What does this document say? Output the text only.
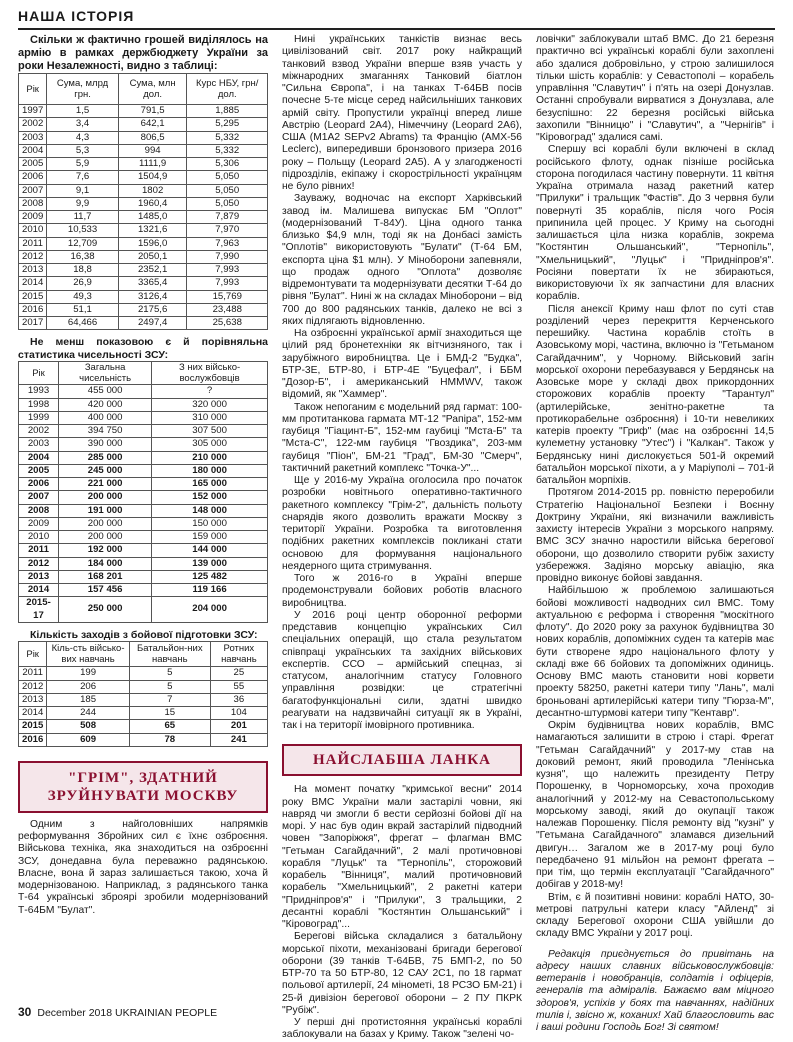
НАША ІСТОРІЯ

Скільки ж фактично грошей виділялось на армію в рамках держбюджету України за роки Незалежності, видно з таблиці:

Рік	Сума, млрд грн.	Сума, млн дол.	Курс НБУ, грн/дол.
1997	1,5	791,5	1,885
2002	3,4	642,1	5,295
2003	4,3	806,5	5,332
2004	5,3	994	5,332
2005	5,9	1111,9	5,306
2006	7,6	1504,9	5,050
2007	9,1	1802	5,050
2008	9,9	1960,4	5,050
2009	11,7	1485,0	7,879
2010	10,533	1321,6	7,970
2011	12,709	1596,0	7,963
2012	16,38	2050,1	7,990
2013	18,8	2352,1	7,993
2014	26,9	3365,4	7,993
2015	49,3	3126,4	15,769
2016	51,1	2175,6	23,488
2017	64,466	2497,4	25,638

Не менш показовою є й порівняльна статистика чисельності ЗСУ:

Рік	Загальна чисельність	З них військо-вослужбовців
1993	455 000	?
1998	420 000	320 000
1999	400 000	310 000
2002	394 750	307 500
2003	390 000	305 000
2004	285 000	210 000
2005	245 000	180 000
2006	221 000	165 000
2007	200 000	152 000
2008	191 000	148 000
2009	200 000	150 000
2010	200 000	159 000
2011	192 000	144 000
2012	184 000	139 000
2013	168 201	125 482
2014	157 456	119 166
2015-17	250 000	204 000

Кількість заходів з бойової підготовки ЗСУ:

Рік	Кіль-сть військо-вих навчань	Батальйон-них навчань	Ротних навчань
2011	199	5	25
2012	206	5	55
2013	185	7	36
2014	244	15	104
2015	508	65	201
2016	609	78	241
"ГРІМ", ЗДАТНИЙ ЗРУЙНУВАТИ МОСКВУ

Одним з найголовніших напрямків реформування Збройних сил є їхнє озброєння. Військова техніка, яка знаходиться на озброєнні ЗСУ, донедавна була переважно радянською. Власне, вона й зараз залишається такою, хоча й модернізованою. Наприклад, з радянського танка Т-64 українські зброярі зробили модернізований Т-64БМ "Булат".

Нині українських танкістів визнає весь цивілізований світ. 2017 року найкращий танковий взвод України вперше взяв участь у міжнародних змаганнях Танковий біатлон "Сильна Європа", і на танках Т-64БВ посів почесне 5-те місце серед найсильніших танкових армій світу. Пропустили українці вперед лише Австрію (Leopard 2A4), Німеччину (Leopard 2A6), США (M1A2 SEPv2 Abrams) та Францію (AMX-56 Leclerc), випередивши бронзового призера 2016 року – Польщу (Leopard 2A5). А у злагодженості підрозділів, екіпажу і скорострільності українцям не було рівних!

Зауважу, водночас на експорт Харківський завод ім. Малишева випускає БМ "Оплот" (модернізований Т-84У). Ціна одного танка близько $4,9 млн, тоді як на Донбасі замість "Оплотів" використовують "Булати" (Т-64 БМ, експорта ціна $1 млн). У Міноборони запевняли, що продаж одного "Оплота" дозволяє відремонтувати та модернізувати десятки Т-64 до рівня "Булат". Нині ж на складах Міноборони – від 700 до 800 радянських танків, далеко не всі з яких підлягають відновленню.

На озброєнні української армії знаходиться ще цілий ряд бронетехніки як вітчизняного, так і зарубіжного виробництва. Це і БМД-2 "Будка", БТР-3Е, БТР-80, і БТР-4Е "Буцефал", і ББМ "Дозор-Б", і американський HMMWV, також відомий, як "Хаммер".

Також непоганим є модельний ряд гармат: 100-мм протитанкова гармата МТ-12 "Рапіра", 152-мм гаубиця "Гіацинт-Б", 152-мм гаубиці "Мста-Б" та "Мста-С", 122-мм гаубиця "Гвоздика", 203-мм гаубиця "Піон", БМ-21 "Град", БМ-30 "Смерч", тактичний ракетний комплекс "Точка-У"...

Ще у 2016-му Україна оголосила про початок розробки новітнього оперативно-тактичного ракетного комплексу "Грім-2", дальність польоту снарядів якого дозволить вражати Москву з території України. Розробка та виготовлення подібних ракетних комплексів покликані стати основою для формування національного неядерного щита стримування.

Того ж 2016-го в Україні вперше продемонстрували бойових роботів власного виробництва.

У 2016 році центр оборонної реформи представив концепцію українських Сил спеціальних операцій, що стала результатом співпраці українських та західних військових експертів. ССО – армійський спецназ, зі статусом, аналогічним статусу Головного управління розвідки: це стратегічні багатофункціональні сили, здатні швидко реагувати на надзвичайні ситуації як в Україні, так і на території імовірного противника.

НАЙСЛАБША ЛАНКА

На момент початку "кримської весни" 2014 року ВМС України мали застарілі човни, які навряд чи змогли б вести серйозні бойові дії на морі. У нас був один вкрай застарілий підводний човен "Запоріжжя", фрегат – флагман ВМС "Гетьман Сагайдачний", 2 малі протичовнові корабля "Луцьк" та "Тернопіль", сторожовий корабель "Вінниця", малий протичовновий корабель "Хмельницький", 2 ракетні катери "Придніпров'я" і "Прилуки", 3 тральщики, 2 десантні кораблі "Костянтин Ольшанський" і "Кіровоград"...

Берегові війська складалися з батальйону морської піхоти, механізовані бригади берегової оборони (39 танків Т-64БВ, 75 БМП-2, по 50 БТР-70 та 50 БТР-80, 12 САУ 2С1, по 18 гармат польової артилерії, 24 мінометі, 18 РСЗО БМ-21) і 25-й дивізіон берегової оборони – 2 ПУ ПКРК "Рубіж".

У перші дні протистояння українські кораблі заблокували на базах у Криму. Також "зелені чо-

ловічки" заблокували штаб ВМС. До 21 березня практично всі українські кораблі були захоплені або здалися добровільно, у строю залишилося тільки шість кораблів: у Севастополі – корабель управління "Славутич" і п'ять на озері Донузлав. Останні спробували вирватися з Донузлава, але безуспішно: 22 березня російські війська захопили "Вінницю" і "Славутич", а "Чернігів" і "Кіровоград" здалися самі.

Спершу всі кораблі були включені в склад російського флоту, однак пізніше російська сторона погодилася частину повернути. 11 квітня Україна отримала назад ракетний катер "Прилуки" і тральщик "Фастів". До 3 червня були повернуті 35 кораблів, після чого Росія припинила цей процес. У Криму на сьогодні залишається ціла низка кораблів, зокрема "Костянтин Ольшанський", "Тернопіль", "Хмельницький", "Луцьк" і "Придніпров'я". Росіяни повертати їх не збираються, використовуючи їх як запчастини для власних кораблів.

Після анексії Криму наш флот по суті став розділений через перекриття Керченського перешийку. Частина кораблів стоїть в Азовському морі, частина, включно із "Гетьманом Сагайдачним", у Чорному. Військовий загін морської охорони перебазувався у Бердянськ на Азовське море у складі двох прикордонних сторожових кораблів проекту "Тарантул" (артилерійське, зенітно-ракетне та протикорабельне озброєння) і 10-ти невеликих катерів проекту "Гриф" (має на озброєнні 14,5 кулеметну установку "Утес") і "Калкан". Також у Бердянську нині дислокується 501-й окремий батальйон морської піхоти, а у Маріуполі – 701-й батальйон морпіхів.

Протягом 2014-2015 рр. повністю переробили Стратегію Національної Безпеки і Воєнну Доктрину України, які визначили важливість захисту інтересів України з морського напряму. ВМС ЗСУ значно наростили військa берегової оборони, що дозволило створити рубіж захисту узбережжя. Задіяно морську авіацію, яка провідно виконує бойові завдання.

Найбільшою ж проблемою залишаються бойові можливості надводних сил ВМС. Тому актуальною є реформа і створення "москітного флоту". До 2020 року за рахунок будівництва 30 нових кораблів, допоміжних суден та катерів має бути створене ядро національного флоту у складі вже 66 бойових та допоміжних одиниць. Основу ВМС мають становити нові корвети проекту 58250, ракетні катери типу "Лань", малі броньовані артилерійські катери типу "Гюрза-М", десантно-штурмові катери типу "Кентавр".

Окрім будівництва нових кораблів, ВМС намагаються залишити в строю і старі. Фрегат "Гетьман Сагайдачний" у 2017-му став на доковий ремонт, який проводила "Ленінська кузня", що належить президенту Петру Порошенку, в Чорноморську, хоча проходив аналогічний у 2012-му на Севастопольському морському заводі, який до окупації також належав Порошенку. Після ремонту від "кузні" у "Гетьмана Сагайдачного" зламався дизельний двигун… Загалом же в 2017-му році було передбачено 91 мільйон на ремонт фрегата – при тім, що термін експлуатації "Сагайдачного" добігав у 2018-му!

Втім, є й позитивні новини: кораблі НАТО, 30-метрові патрульні катери класу "Айленд" зі складу Берегової охорони США увійшли до складу ВМС України у 2017 році.

Редакція приєднується до привітань на адресу наших славних військовослужбовців: ветеранів і новобранців, солдатів і офіцерів, генералів та адміралів. Бажаємо вам міцного здоров'я, успіхів у боях та навчаннях, надійних тилів і, звісно ж, коханих! Хай благословить вас і ваші родини Господь Бог! Зі святом!

30 December 2018 UKRAINIAN PEOPLE
